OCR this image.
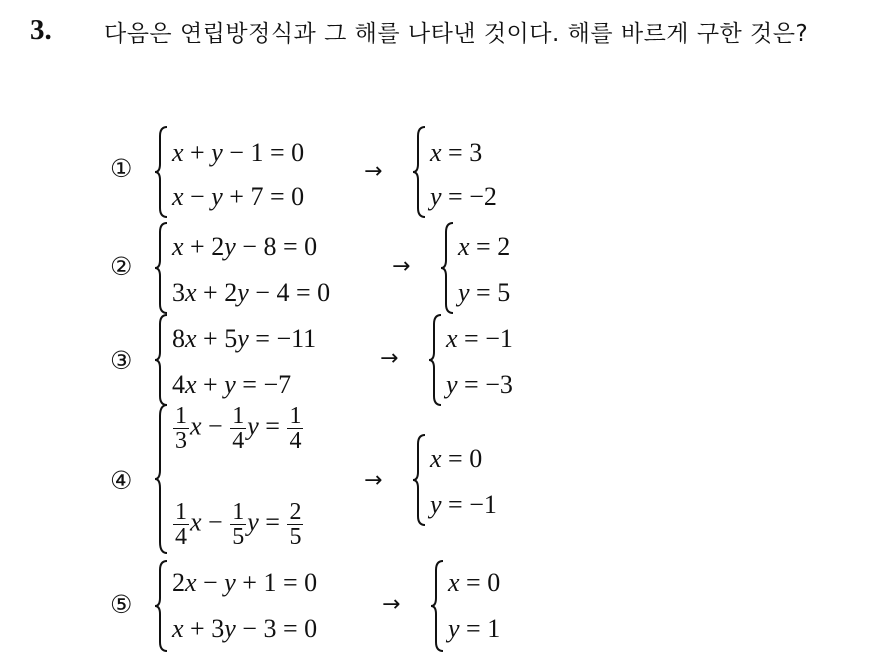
3. 다음은 연립방정식과 그 해를 나타낸 것이다. 해를 바르게 구한 것은?
①
x + y − 1 = 0
x − y + 7 = 0
→
x = 3
y = −2
②
x + 2y − 8 = 0
3x + 2y − 4 = 0
→
x = 2
y = 5
③
8x + 5y = −11
4x + y = −7
→
x = −1
y = −3
④
$\frac{1}{3}$ $x - \frac{1}{4}$ $y = \frac{1}{4}$
$\frac{1}{4}$ $x - \frac{1}{5}$ $y = \frac{2}{5}$
→
x = 0
y = −1
⑤
2x − y + 1 = 0
x + 3y − 3 = 0
→
x = 0
y = 1
